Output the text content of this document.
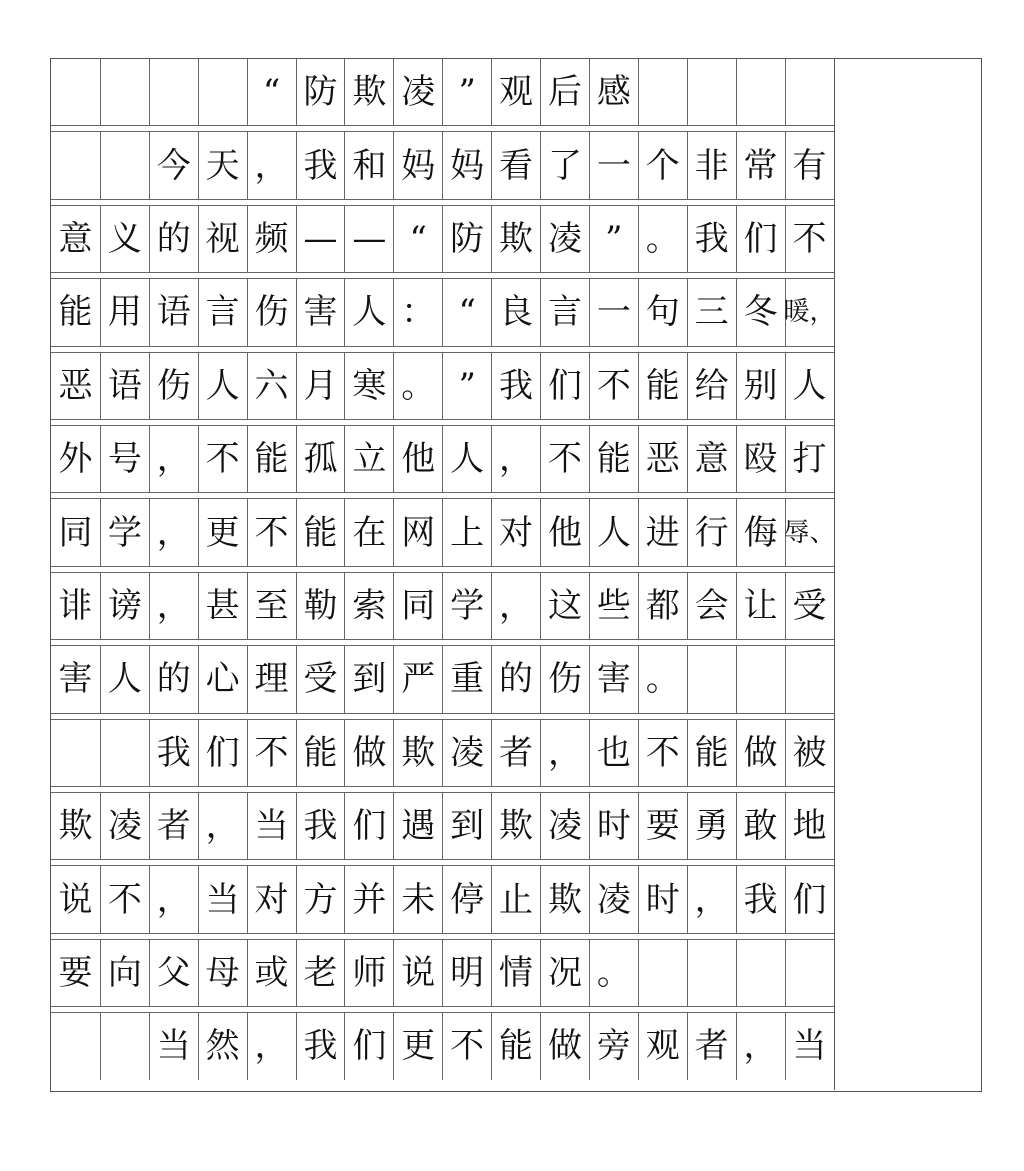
“ 防 欺 凌 ” 观 后 感
今 天 ， 我 和 妈 妈 看 了 一 个 非 常 有
意 义 的 视 频 — — “ 防 欺 凌 ” 。 我 们 不
能 用 语 言 伤 害 人 ： “ 良 言 一 句 三 冬 暖，
恶 语 伤 人 六 月 寒 。 ” 我 们 不 能 给 别 人
外 号 ， 不 能 孤 立 他 人 ， 不 能 恶 意 殴 打
同 学 ， 更 不 能 在 网 上 对 他 人 进 行 侮 辱、
诽 谤 ， 甚 至 勒 索 同 学 ， 这 些 都 会 让 受
害 人 的 心 理 受 到 严 重 的 伤 害 。
我 们 不 能 做 欺 凌 者 ， 也 不 能 做 被
欺 凌 者 ， 当 我 们 遇 到 欺 凌 时 要 勇 敢 地
说 不 ， 当 对 方 并 未 停 止 欺 凌 时 ， 我 们
要 向 父 母 或 老 师 说 明 情 况 。
当 然 ， 我 们 更 不 能 做 旁 观 者 ， 当
